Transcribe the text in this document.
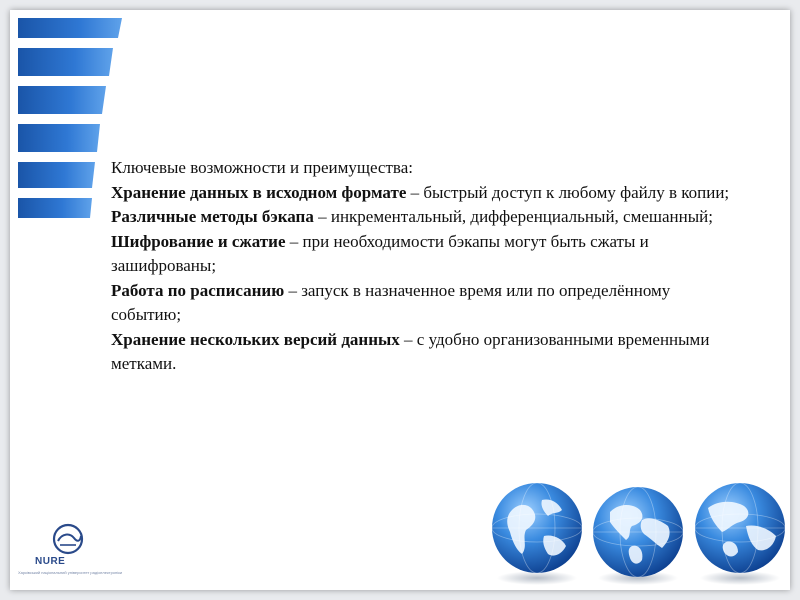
Ключевые возможности и преимущества:

Хранение данных в исходном формате – быстрый доступ к любому файлу в копии;

Различные методы бэкапа – инкрементальный, дифференциальный, смешанный;

Шифрование и сжатие – при необходимости бэкапы могут быть сжаты и зашифрованы;

Работа по расписанию – запуск в назначенное время или по определённому событию;

Хранение нескольких версий данных – с удобно организованными временными метками.

NURE
Харківський національний університет радіоелектроніки
